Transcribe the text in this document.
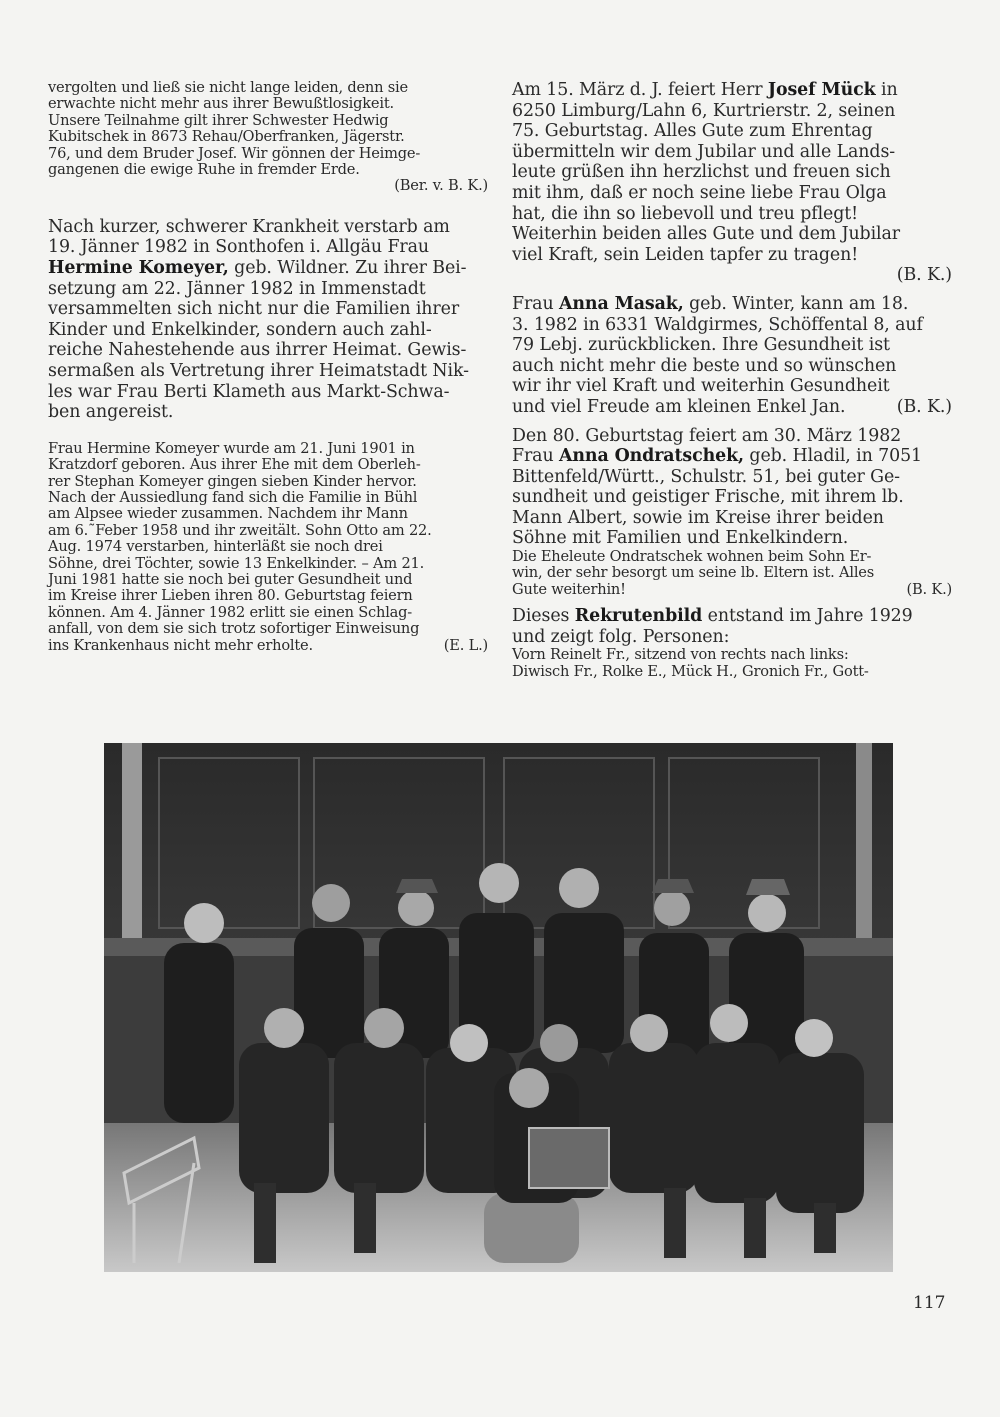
vergolten und ließ sie nicht lange leiden, denn sie

erwachte nicht mehr aus ihrer Bewußtlosigkeit.

Unsere Teilnahme gilt ihrer Schwester Hedwig

Kubitschek in 8673 Rehau/Oberfranken, Jägerstr.

76, und dem Bruder Josef. Wir gönnen der Heimge-

gangenen die ewige Ruhe in fremder Erde.

(Ber. v. B. K.)

Nach kurzer, schwerer Krankheit verstarb am

19. Jänner 1982 in Sonthofen i. Allgäu Frau

Hermine Komeyer, geb. Wildner. Zu ihrer Bei-

setzung am 22. Jänner 1982 in Immenstadt

versammelten sich nicht nur die Familien ihrer

Kinder und Enkelkinder, sondern auch zahl-

reiche Nahestehende aus ihrrer Heimat. Gewis-

sermaßen als Vertretung ihrer Heimatstadt Nik-

les war Frau Berti Klameth aus Markt-Schwa-

ben angereist.

Frau Hermine Komeyer wurde am 21. Juni 1901 in

Kratzdorf geboren. Aus ihrer Ehe mit dem Oberleh-

rer Stephan Komeyer gingen sieben Kinder hervor.

Nach der Aussiedlung fand sich die Familie in Bühl

am Alpsee wieder zusammen. Nachdem ihr Mann

am 6.˜Feber 1958 und ihr zweitält. Sohn Otto am 22.

Aug. 1974 verstarben, hinterläßt sie noch drei

Söhne, drei Töchter, sowie 13 Enkelkinder. – Am 21.

Juni 1981 hatte sie noch bei guter Gesundheit und

im Kreise ihrer Lieben ihren 80. Geburtstag feiern

können. Am 4. Jänner 1982 erlitt sie einen Schlag-

anfall, von dem sie sich trotz sofortiger Einweisung

ins Krankenhaus nicht mehr erholte.	(E. L.)

Am 15. März d. J. feiert Herr Josef Mück in

6250 Limburg/Lahn 6, Kurtrierstr. 2, seinen

75. Geburtstag. Alles Gute zum Ehrentag

übermitteln wir dem Jubilar und alle Lands-

leute grüßen ihn herzlichst und freuen sich

mit ihm, daß er noch seine liebe Frau Olga

hat, die ihn so liebevoll und treu pflegt!

Weiterhin beiden alles Gute und dem Jubilar

viel Kraft, sein Leiden tapfer zu tragen!

(B. K.)

Frau Anna Masak, geb. Winter, kann am 18.

3. 1982 in 6331 Waldgirmes, Schöffental 8, auf

79 Lebj. zurückblicken. Ihre Gesundheit ist

auch nicht mehr die beste und so wünschen

wir ihr viel Kraft und weiterhin Gesundheit

und viel Freude am kleinen Enkel Jan.	(B. K.)

Den 80. Geburtstag feiert am 30. März 1982

Frau Anna Ondratschek, geb. Hladil, in 7051

Bittenfeld/Württ., Schulstr. 51, bei guter Ge-

sundheit und geistiger Frische, mit ihrem lb.

Mann Albert, sowie im Kreise ihrer beiden

Söhne mit Familien und Enkelkindern.

Die Eheleute Ondratschek wohnen beim Sohn Er-

win, der sehr besorgt um seine lb. Eltern ist. Alles

Gute weiterhin!	(B. K.)

Dieses Rekrutenbild entstand im Jahre 1929

und zeigt folg. Personen:

Vorn Reinelt Fr., sitzend von rechts nach links:

Diwisch Fr., Rolke E., Mück H., Gronich Fr., Gott-

117
